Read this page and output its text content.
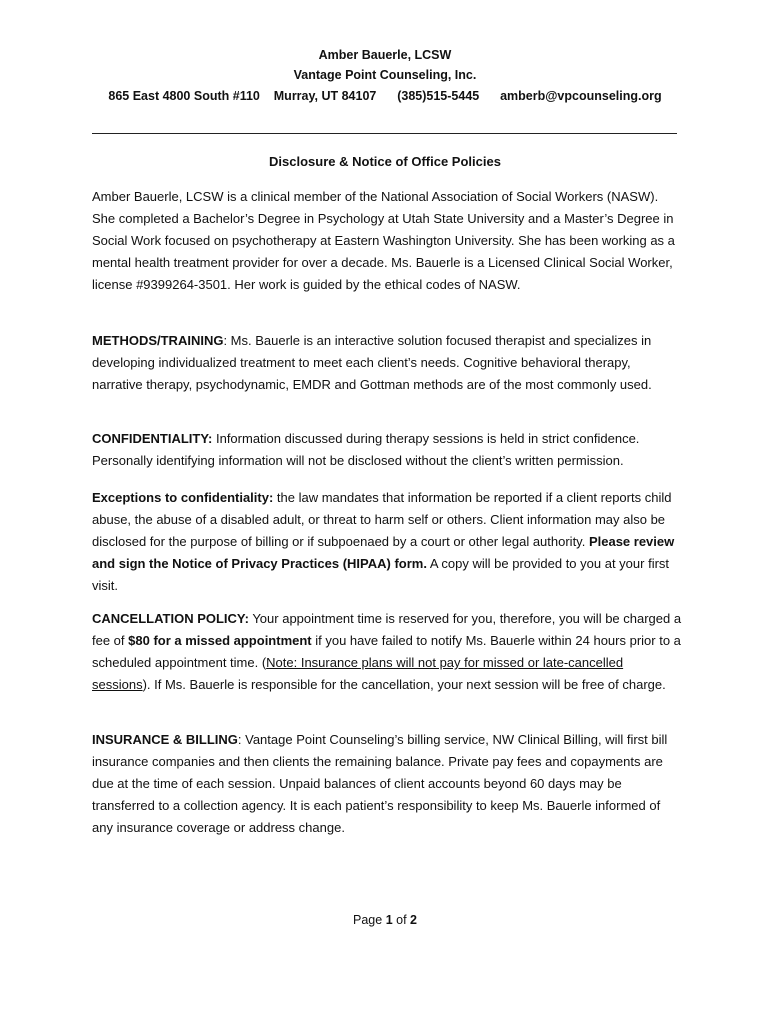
Amber Bauerle, LCSW
Vantage Point Counseling, Inc.
865 East 4800 South #110 Murray, UT 84107 (385)515-5445 amberb@vpcounseling.org
Disclosure & Notice of Office Policies
Amber Bauerle, LCSW is a clinical member of the National Association of Social Workers (NASW). She completed a Bachelor’s Degree in Psychology at Utah State University and a Master’s Degree in Social Work focused on psychotherapy at Eastern Washington University. She has been working as a mental health treatment provider for over a decade. Ms. Bauerle is a Licensed Clinical Social Worker, license #9399264-3501. Her work is guided by the ethical codes of NASW.
METHODS/TRAINING: Ms. Bauerle is an interactive solution focused therapist and specializes in developing individualized treatment to meet each client’s needs. Cognitive behavioral therapy, narrative therapy, psychodynamic, EMDR and Gottman methods are of the most commonly used.
CONFIDENTIALITY: Information discussed during therapy sessions is held in strict confidence. Personally identifying information will not be disclosed without the client’s written permission.
Exceptions to confidentiality: the law mandates that information be reported if a client reports child abuse, the abuse of a disabled adult, or threat to harm self or others. Client information may also be disclosed for the purpose of billing or if subpoenaed by a court or other legal authority. Please review and sign the Notice of Privacy Practices (HIPAA) form. A copy will be provided to you at your first visit.
CANCELLATION POLICY: Your appointment time is reserved for you, therefore, you will be charged a fee of $80 for a missed appointment if you have failed to notify Ms. Bauerle within 24 hours prior to a scheduled appointment time. (Note: Insurance plans will not pay for missed or late-cancelled sessions). If Ms. Bauerle is responsible for the cancellation, your next session will be free of charge.
INSURANCE & BILLING: Vantage Point Counseling’s billing service, NW Clinical Billing, will first bill insurance companies and then clients the remaining balance. Private pay fees and copayments are due at the time of each session. Unpaid balances of client accounts beyond 60 days may be transferred to a collection agency. It is each patient’s responsibility to keep Ms. Bauerle informed of any insurance coverage or address change.
Page 1 of 2
